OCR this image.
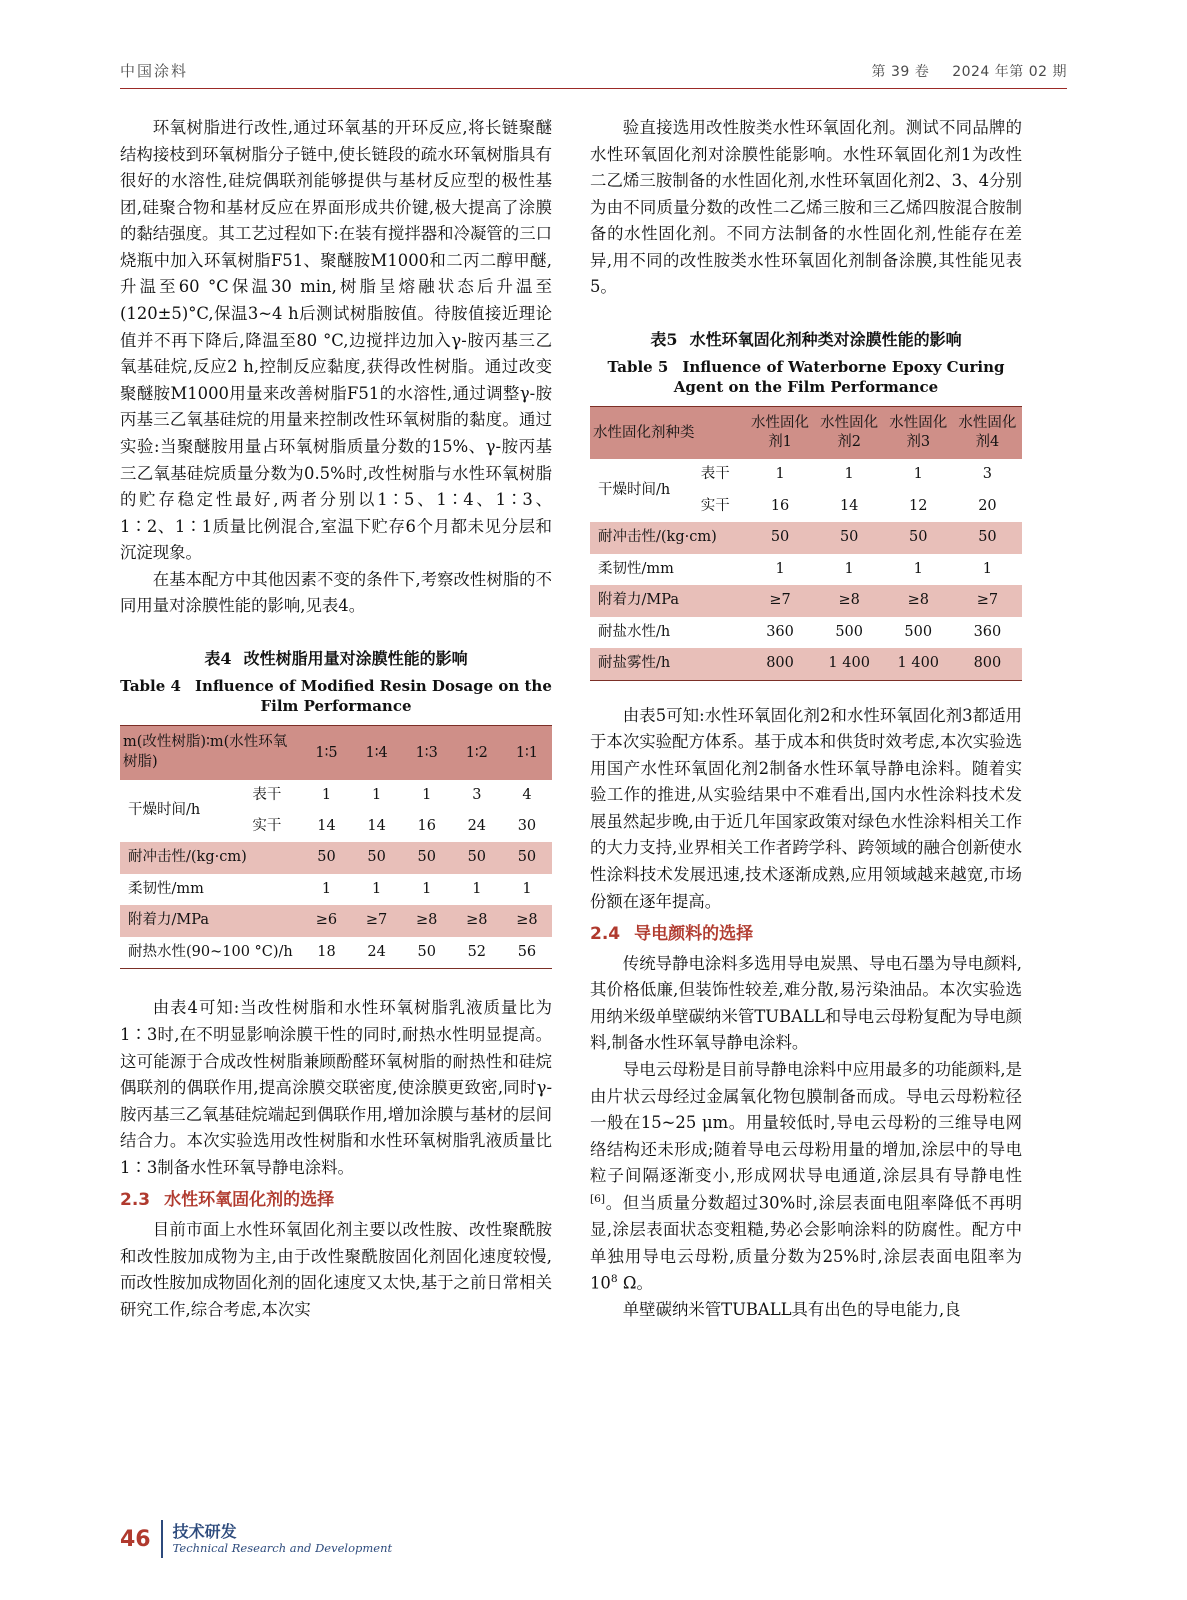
中国涂料	第 39 卷 2024 年第 02 期

环氧树脂进行改性,通过环氧基的开环反应,将长链聚醚结构接枝到环氧树脂分子链中,使长链段的疏水环氧树脂具有很好的水溶性,硅烷偶联剂能够提供与基材反应型的极性基团,硅聚合物和基材反应在界面形成共价键,极大提高了涂膜的黏结强度。其工艺过程如下:在装有搅拌器和冷凝管的三口烧瓶中加入环氧树脂F51、聚醚胺M1000和二丙二醇甲醚,升温至60 °C保温30 min,树脂呈熔融状态后升温至(120±5)°C,保温3~4 h后测试树脂胺值。待胺值接近理论值并不再下降后,降温至80 °C,边搅拌边加入γ-胺丙基三乙氧基硅烷,反应2 h,控制反应黏度,获得改性树脂。通过改变聚醚胺M1000用量来改善树脂F51的水溶性,通过调整γ-胺丙基三乙氧基硅烷的用量来控制改性环氧树脂的黏度。通过实验:当聚醚胺用量占环氧树脂质量分数的15%、γ-胺丙基三乙氧基硅烷质量分数为0.5%时,改性树脂与水性环氧树脂的贮存稳定性最好,两者分别以1∶5、1∶4、1∶3、1∶2、1∶1质量比例混合,室温下贮存6个月都未见分层和沉淀现象。

在基本配方中其他因素不变的条件下,考察改性树脂的不同用量对涂膜性能的影响,见表4。

表4 改性树脂用量对涂膜性能的影响
Table 4 Influence of Modified Resin Dosage on the Film Performance
m(改性树脂)∶m(水性环氧树脂)		1∶5	1∶4	1∶3	1∶2	1∶1
干燥时间/h	表干	1	1	1	3	4
	实干	14	14	16	24	30
耐冲击性/(kg·cm)		50	50	50	50	50
柔韧性/mm		1	1	1	1	1
附着力/MPa		≥6	≥7	≥8	≥8	≥8
耐热水性(90~100 °C)/h		18	24	50	52	56

由表4可知:当改性树脂和水性环氧树脂乳液质量比为1∶3时,在不明显影响涂膜干性的同时,耐热水性明显提高。这可能源于合成改性树脂兼顾酚醛环氧树脂的耐热性和硅烷偶联剂的偶联作用,提高涂膜交联密度,使涂膜更致密,同时γ-胺丙基三乙氧基硅烷端起到偶联作用,增加涂膜与基材的层间结合力。本次实验选用改性树脂和水性环氧树脂乳液质量比1∶3制备水性环氧导静电涂料。

2.3 水性环氧固化剂的选择

目前市面上水性环氧固化剂主要以改性胺、改性聚酰胺和改性胺加成物为主,由于改性聚酰胺固化剂固化速度较慢,而改性胺加成物固化剂的固化速度又太快,基于之前日常相关研究工作,综合考虑,本次实

验直接选用改性胺类水性环氧固化剂。测试不同品牌的水性环氧固化剂对涂膜性能影响。水性环氧固化剂1为改性二乙烯三胺制备的水性固化剂,水性环氧固化剂2、3、4分别为由不同质量分数的改性二乙烯三胺和三乙烯四胺混合胺制备的水性固化剂。不同方法制备的水性固化剂,性能存在差异,用不同的改性胺类水性环氧固化剂制备涂膜,其性能见表5。

表5 水性环氧固化剂种类对涂膜性能的影响
Table 5 Influence of Waterborne Epoxy Curing Agent on the Film Performance
水性固化剂种类		水性固化剂1	水性固化剂2	水性固化剂3	水性固化剂4
干燥时间/h	表干	1	1	1	3
	实干	16	14	12	20
耐冲击性/(kg·cm)		50	50	50	50
柔韧性/mm		1	1	1	1
附着力/MPa		≥7	≥8	≥8	≥7
耐盐水性/h		360	500	500	360
耐盐雾性/h		800	1 400	1 400	800

由表5可知:水性环氧固化剂2和水性环氧固化剂3都适用于本次实验配方体系。基于成本和供货时效考虑,本次实验选用国产水性环氧固化剂2制备水性环氧导静电涂料。随着实验工作的推进,从实验结果中不难看出,国内水性涂料技术发展虽然起步晚,由于近几年国家政策对绿色水性涂料相关工作的大力支持,业界相关工作者跨学科、跨领域的融合创新使水性涂料技术发展迅速,技术逐渐成熟,应用领域越来越宽,市场份额在逐年提高。

2.4 导电颜料的选择

传统导静电涂料多选用导电炭黑、导电石墨为导电颜料,其价格低廉,但装饰性较差,难分散,易污染油品。本次实验选用纳米级单壁碳纳米管TUBALL和导电云母粉复配为导电颜料,制备水性环氧导静电涂料。

导电云母粉是目前导静电涂料中应用最多的功能颜料,是由片状云母经过金属氧化物包膜制备而成。导电云母粉粒径一般在15~25 μm。用量较低时,导电云母粉的三维导电网络结构还未形成;随着导电云母粉用量的增加,涂层中的导电粒子间隔逐渐变小,形成网状导电通道,涂层具有导静电性[6]。但当质量分数超过30%时,涂层表面电阻率降低不再明显,涂层表面状态变粗糙,势必会影响涂料的防腐性。配方中单独用导电云母粉,质量分数为25%时,涂层表面电阻率为$10^8$ Ω。

单壁碳纳米管TUBALL具有出色的导电能力,良

46 技术研发
Technical Research and Development
